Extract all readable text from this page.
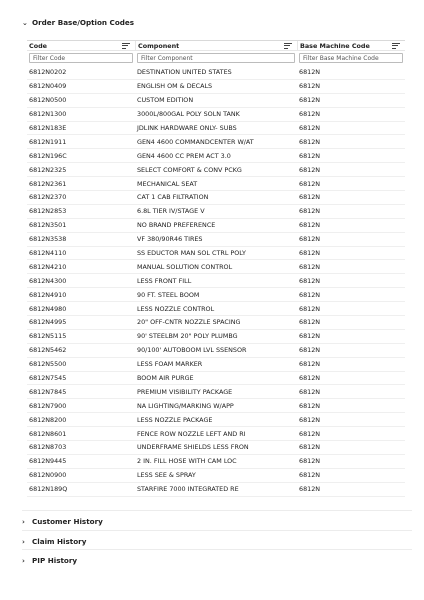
⌄ Order Base/Option Codes
Code	Component	Base Machine Code
Filter Code
Filter Component
Filter Base Machine Code
6812N0202	DESTINATION UNITED STATES	6812N
6812N0409	ENGLISH OM & DECALS	6812N
6812N0500	CUSTOM EDITION	6812N
6812N1300	3000L/800GAL POLY SOLN TANK	6812N
6812N183E	JDLINK HARDWARE ONLY- SUBS	6812N
6812N1911	GEN4 4600 COMMANDCENTER W/AT	6812N
6812N196C	GEN4 4600 CC PREM ACT 3.0	6812N
6812N2325	SELECT COMFORT & CONV PCKG	6812N
6812N2361	MECHANICAL SEAT	6812N
6812N2370	CAT 1 CAB FILTRATION	6812N
6812N2853	6.8L TIER IV/STAGE V	6812N
6812N3501	NO BRAND PREFERENCE	6812N
6812N3538	VF 380/90R46 TIRES	6812N
6812N4110	SS EDUCTOR MAN SOL CTRL POLY	6812N
6812N4210	MANUAL SOLUTION CONTROL	6812N
6812N4300	LESS FRONT FILL	6812N
6812N4910	90 FT. STEEL BOOM	6812N
6812N4980	LESS NOZZLE CONTROL	6812N
6812N4995	20" OFF-CNTR NOZZLE SPACING	6812N
6812N5115	90' STEELBM 20" POLY PLUMBG	6812N
6812N5462	90/100' AUTOBOOM LVL SSENSOR	6812N
6812N5500	LESS FOAM MARKER	6812N
6812N7545	BOOM AIR PURGE	6812N
6812N7845	PREMIUM VISIBILITY PACKAGE	6812N
6812N7900	NA LIGHTING/MARKING W/APP	6812N
6812N8200	LESS NOZZLE PACKAGE	6812N
6812N8601	FENCE ROW NOZZLE LEFT AND RI	6812N
6812N8703	UNDERFRAME SHIELDS LESS FRON	6812N
6812N9445	2 IN. FILL HOSE WITH CAM LOC	6812N
6812N0900	LESS SEE & SPRAY	6812N
6812N189Q	STARFIRE 7000 INTEGRATED RE	6812N
› Customer History
› Claim History
› PIP History
